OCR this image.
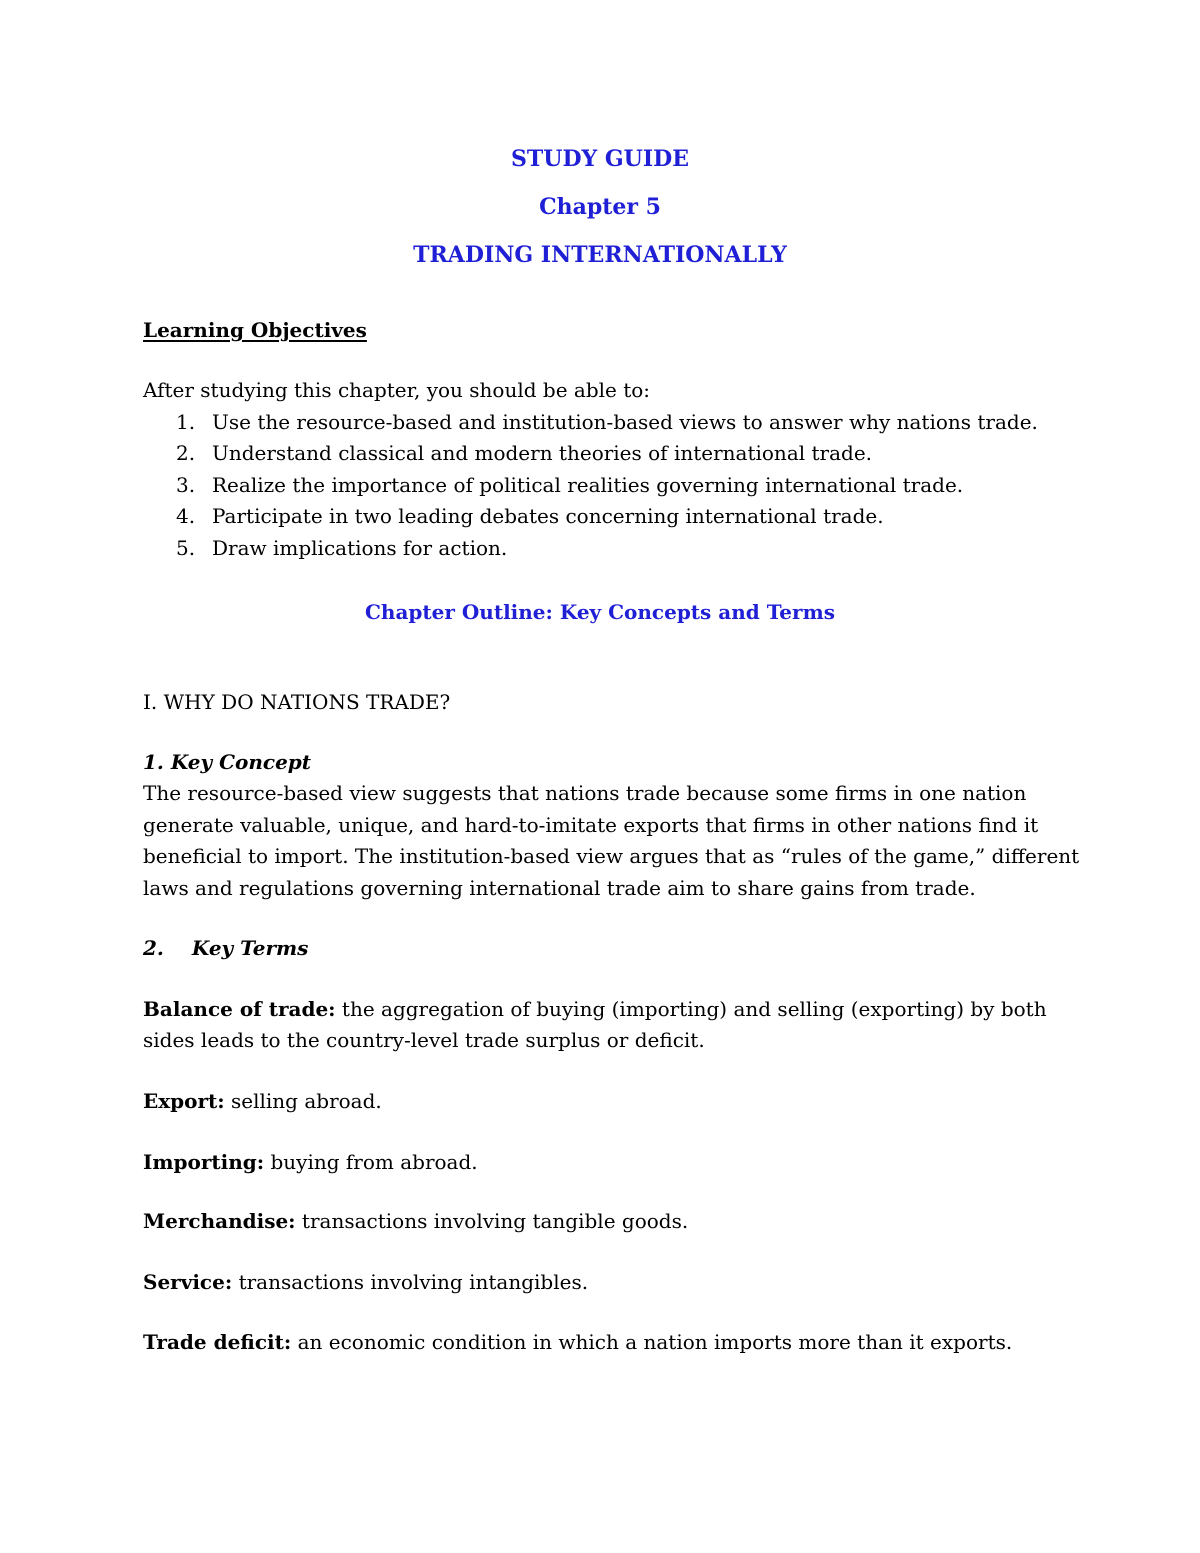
STUDY GUIDE
Chapter 5
TRADING INTERNATIONALLY
Learning Objectives
After studying this chapter, you should be able to:
1. Use the resource-based and institution-based views to answer why nations trade.
2. Understand classical and modern theories of international trade.
3. Realize the importance of political realities governing international trade.
4. Participate in two leading debates concerning international trade.
5. Draw implications for action.
Chapter Outline: Key Concepts and Terms
I. WHY DO NATIONS TRADE?
1. Key Concept
The resource-based view suggests that nations trade because some firms in one nation
generate valuable, unique, and hard-to-imitate exports that firms in other nations find it
beneficial to import. The institution-based view argues that as “rules of the game,” different
laws and regulations governing international trade aim to share gains from trade.
2. Key Terms
Balance of trade: the aggregation of buying (importing) and selling (exporting) by both
sides leads to the country-level trade surplus or deficit.
Export: selling abroad.
Importing: buying from abroad.
Merchandise: transactions involving tangible goods.
Service: transactions involving intangibles.
Trade deficit: an economic condition in which a nation imports more than it exports.
